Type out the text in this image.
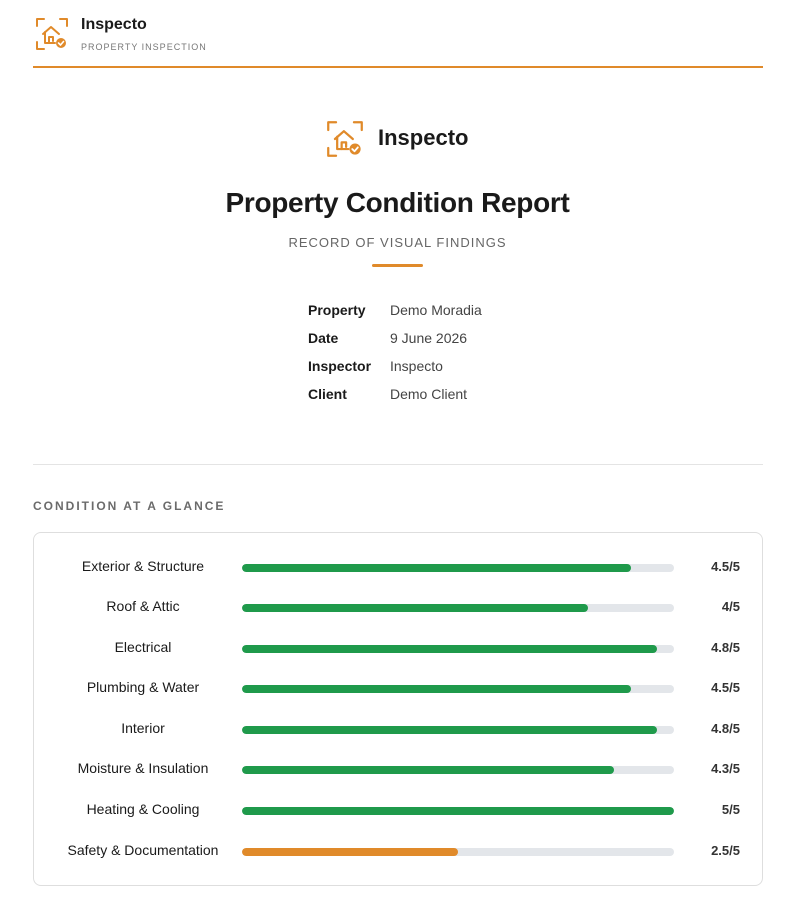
Inspecto
PROPERTY INSPECTION
Inspecto
Property Condition Report
RECORD OF VISUAL FINDINGS
Property Demo Moradia
Date	9 June 2026
Inspector Inspecto
Client	Demo Client
CONDITION AT A GLANCE
Exterior & Structure	4.5/5
Roof & Attic	4/5
Electrical	4.8/5
Plumbing & Water	4.5/5
Interior	4.8/5
Moisture & Insulation	4.3/5
Heating & Cooling	5/5
Safety & Documentation	2.5/5
